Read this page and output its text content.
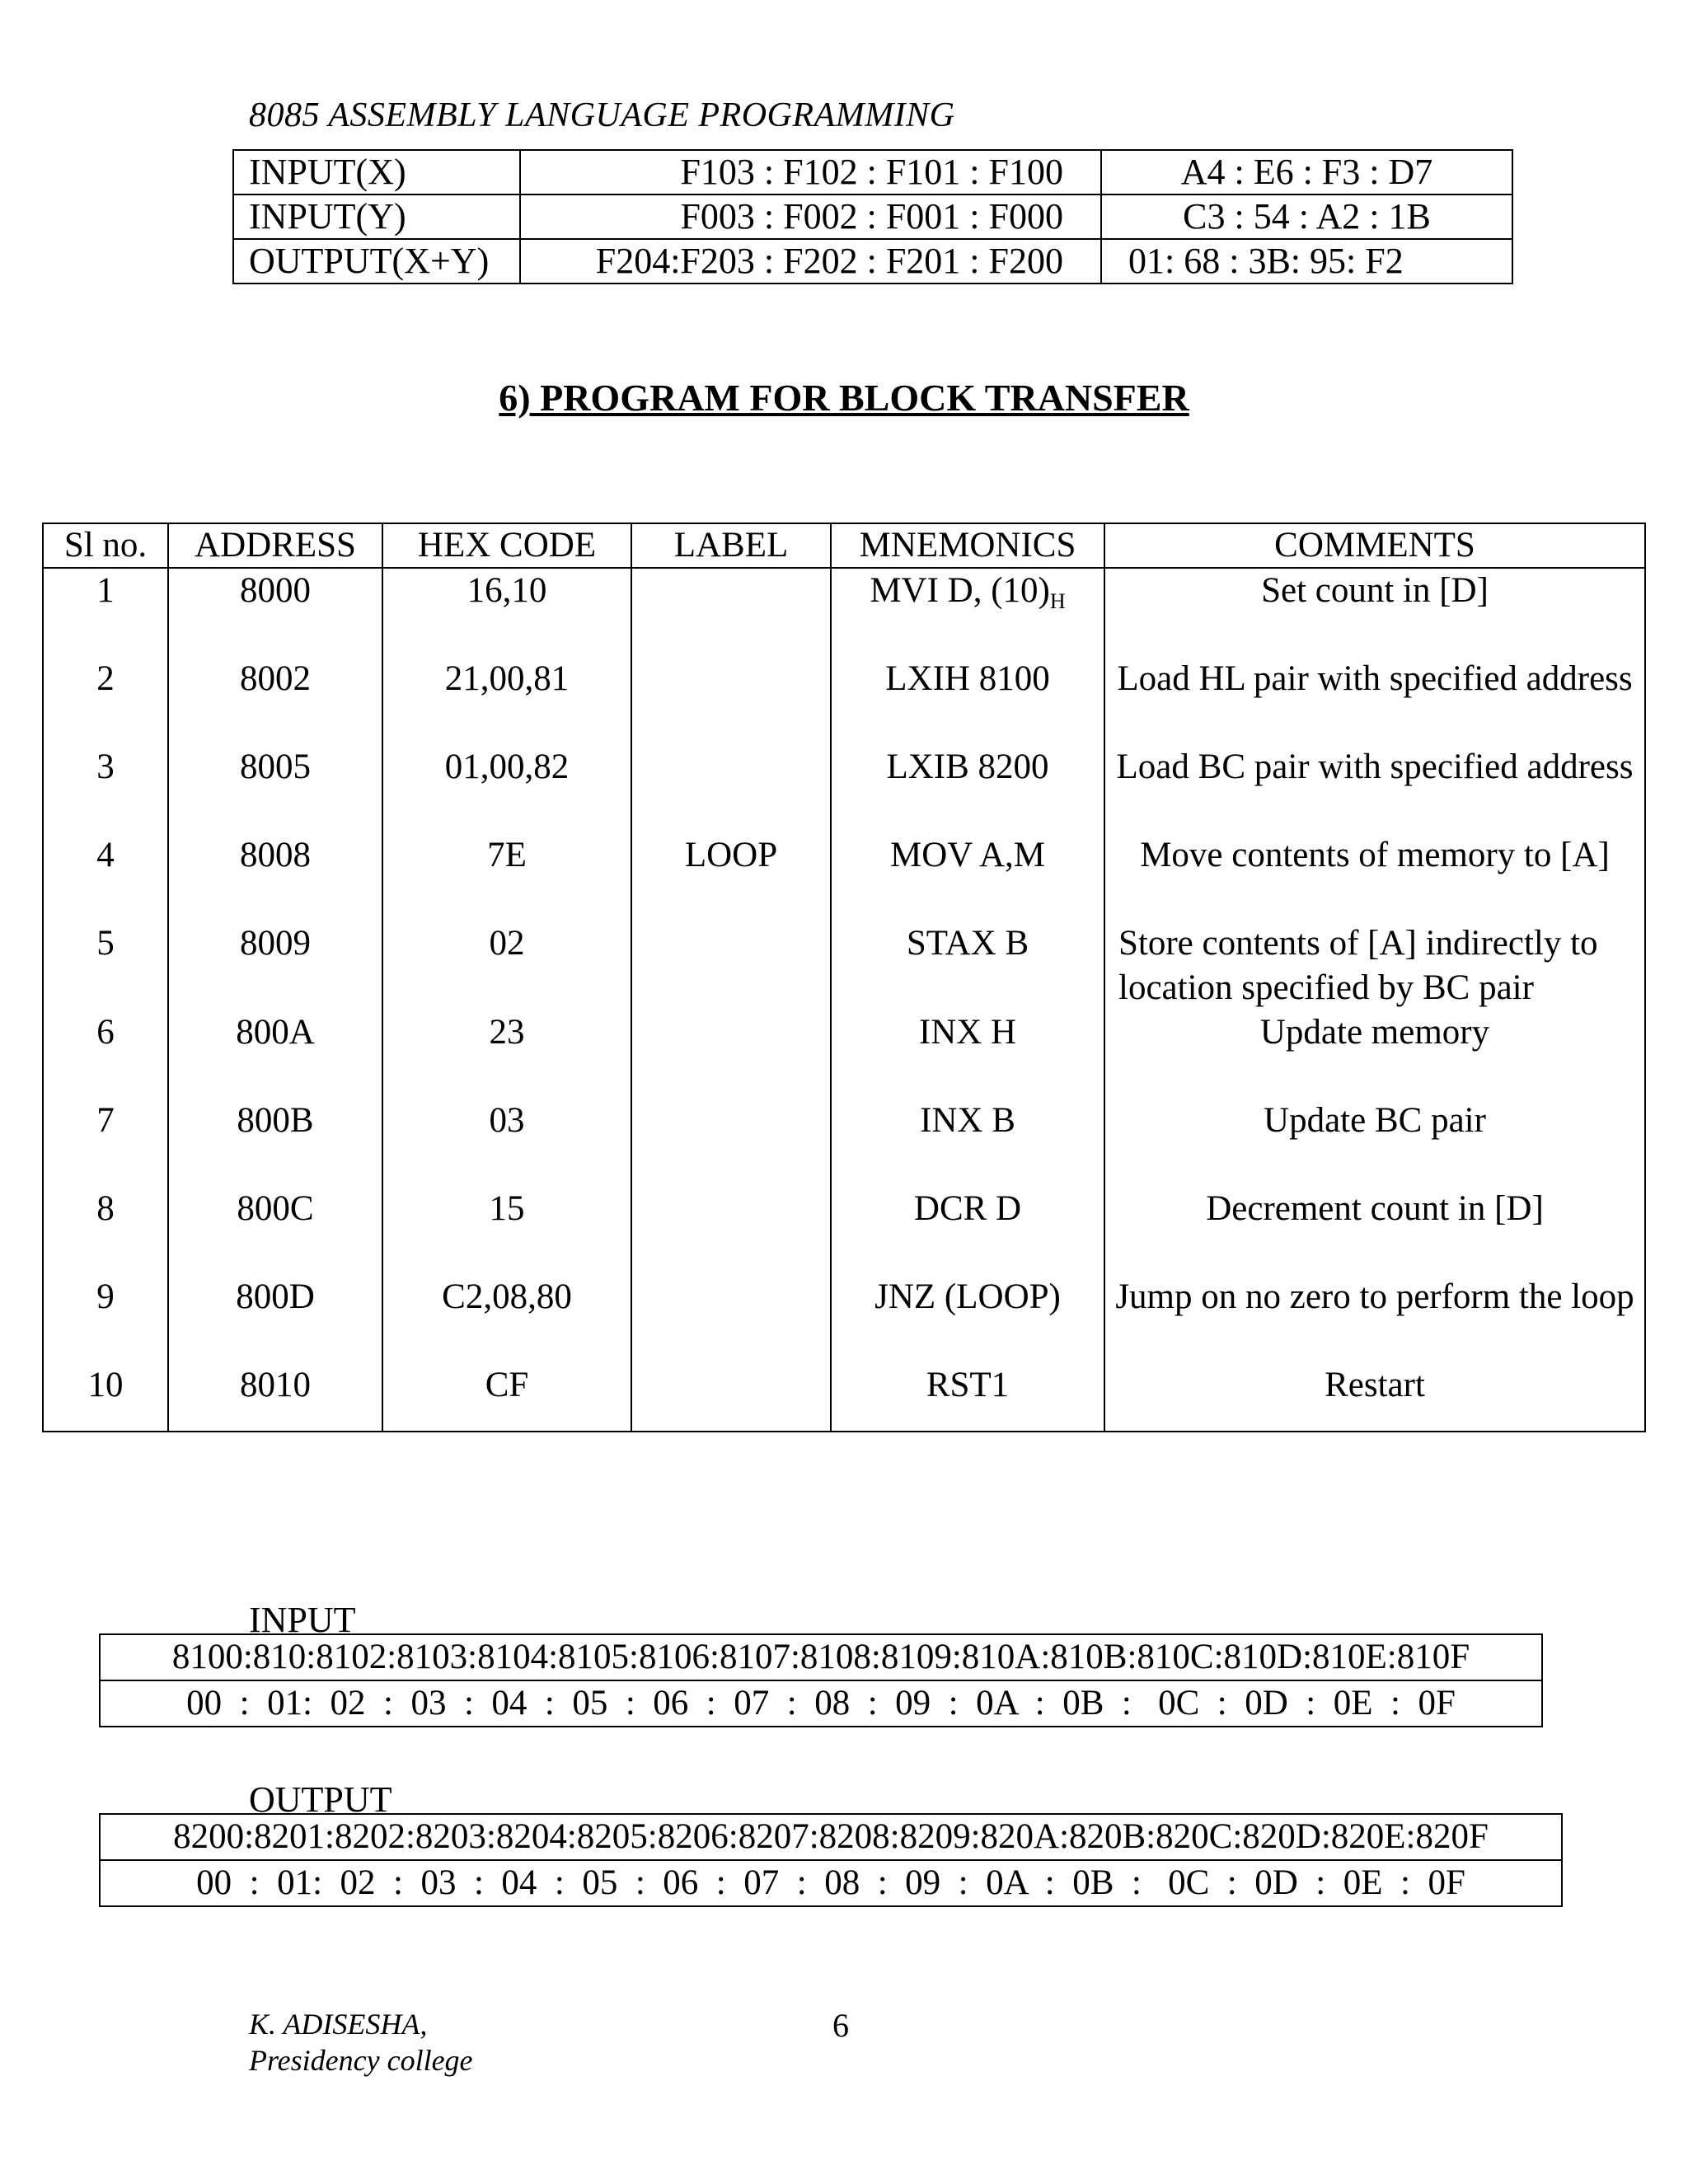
8085 ASSEMBLY LANGUAGE PROGRAMMING
INPUT(X)	F103 : F102 : F101 : F100	A4 : E6 : F3 : D7
INPUT(Y)	F003 : F002 : F001 : F000	C3 : 54 : A2 : 1B
OUTPUT(X+Y)	F204:F203 : F202 : F201 : F200	01: 68 : 3B: 95: F2
6) PROGRAM FOR BLOCK TRANSFER
Sl no.	ADDRESS	HEX CODE	LABEL	MNEMONICS	COMMENTS
1	8000	16,10		MVI D, $(10)_H$	Set count in [D]
2	8002	21,00,81		LXIH 8100	Load HL pair with specified address
3	8005	01,00,82		LXIB 8200	Load BC pair with specified address
4	8008	7E	LOOP	MOV A,M	Move contents of memory to [A]
5	8009	02		STAX B	Store contents of [A] indirectly to location specified by BC pair
6	800A	23		INX H	Update memory
7	800B	03		INX B	Update BC pair
8	800C	15		DCR D	Decrement count in [D]
9	800D	C2,08,80		JNZ (LOOP)	Jump on no zero to perform the loop
10	8010	CF		RST1	Restart
INPUT
8100:810:8102:8103:8104:8105:8106:8107:8108:8109:810A:810B:810C:810D:810E:810F
00  :  01:  02  :  03  :  04  :  05  :  06  :  07  :  08  :  09  :  0A  :  0B  :   0C  :  0D  :  0E  :  0F
OUTPUT
8200:8201:8202:8203:8204:8205:8206:8207:8208:8209:820A:820B:820C:820D:820E:820F
00  :  01:  02  :  03  :  04  :  05  :  06  :  07  :  08  :  09  :  0A  :  0B  :   0C  :  0D  :  0E  :  0F
K. ADISESHA,
Presidency college
6
